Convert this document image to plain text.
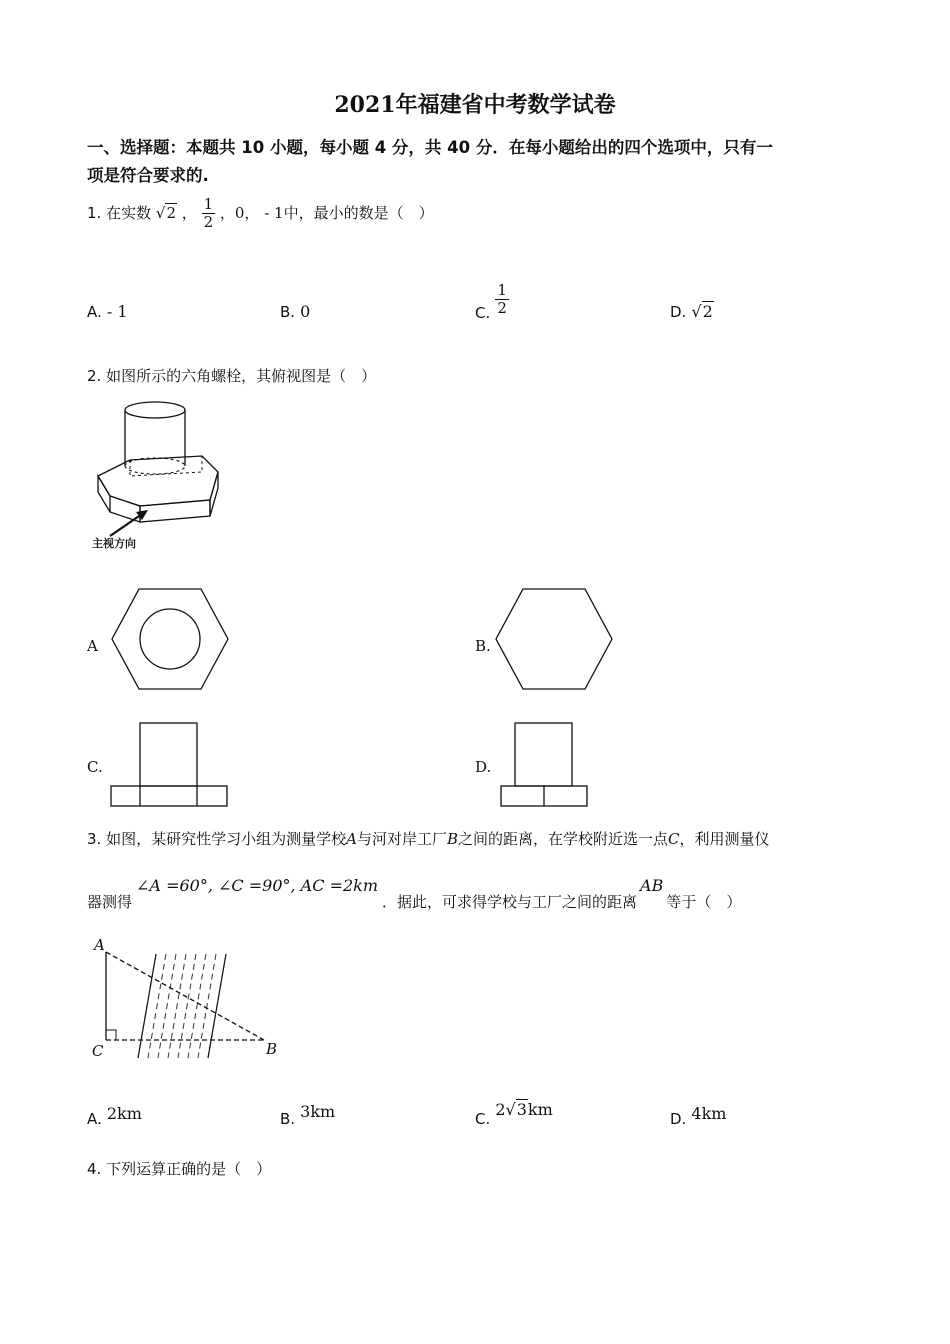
2021年福建省中考数学试卷
一、选择题：本题共 10 小题，每小题 4 分，共 40 分．在每小题给出的四个选项中，只有一
项是符合要求的.
1. 在实数 √2 ， $\frac{1}{2}$ ，0， - 1中，最小的数是（　）
A. - 1	B. 0	C. $\frac{1}{2}$	D. √2
2. 如图所示的六角螺栓，其俯视图是（　）
主视方向
A	B.
C.	D.
3. 如图，某研究性学习小组为测量学校A与河对岸工厂B之间的距离，在学校附近选一点C，利用测量仪
器测得∠A =60°, ∠C =90°, AC =2km．据此，可求得学校与工厂之间的距离AB等于（　）
A
C	B
A. 2km	B. 3km	C. 2√3km	D. 4km
4. 下列运算正确的是（　）
